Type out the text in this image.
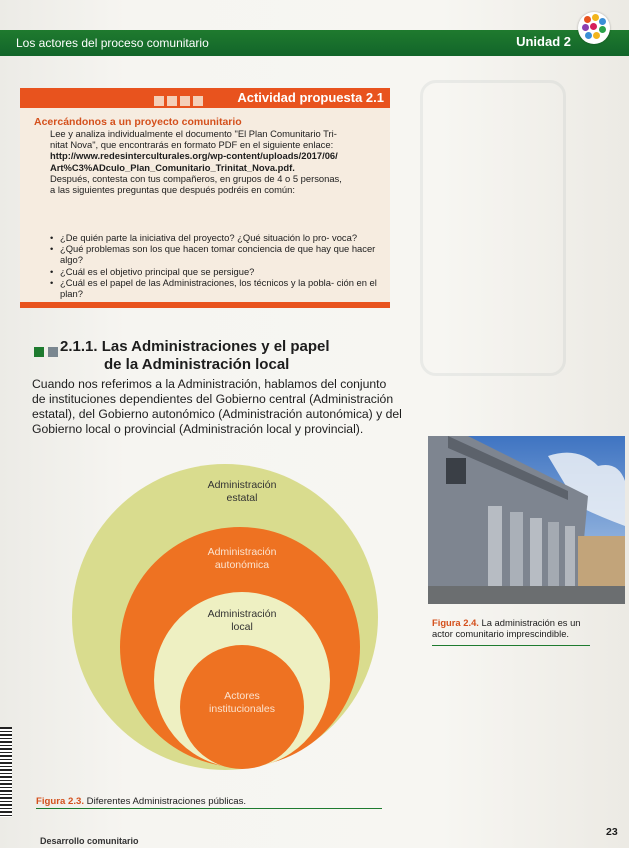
Los actores del proceso comunitario	Unidad 2
Actividad propuesta 2.1
Acercándonos a un proyecto comunitario

Lee y analiza individualmente el documento "El Plan Comunitario Tri-

nitat Nova", que encontrarás en formato PDF en el siguiente enlace:

http://www.redesinterculturales.org/wp-content/uploads/2017/06/

Art%C3%ADculo_Plan_Comunitario_Trinitat_Nova.pdf.

Después, contesta con tus compañeros, en grupos de 4 o 5 personas,

a las siguientes preguntas que después podréis en común:

• ¿De quién parte la iniciativa del proyecto? ¿Qué situación lo pro- voca?
• ¿Qué problemas son los que hacen tomar conciencia de que hay que hacer algo?
• ¿Cuál es el objetivo principal que se persigue?
• ¿Cuál es el papel de las Administraciones, los técnicos y la pobla- ción en el plan?
2.1.1. Las Administraciones y el papel
de la Administración local
Cuando nos referimos a la Administración, hablamos del conjunto de instituciones dependientes del Gobierno central (Administración estatal), del Gobierno autonómico (Administración autonómica) y del Gobierno local o provincial (Administración local y provincial).
Administración
estatal
Administración
autonómica
Administración
local
Actores
institucionales
Figura 2.3. Diferentes Administraciones públicas.
Figura 2.4. La administración es un actor comunitario imprescindible.
Desarrollo comunitario
23
